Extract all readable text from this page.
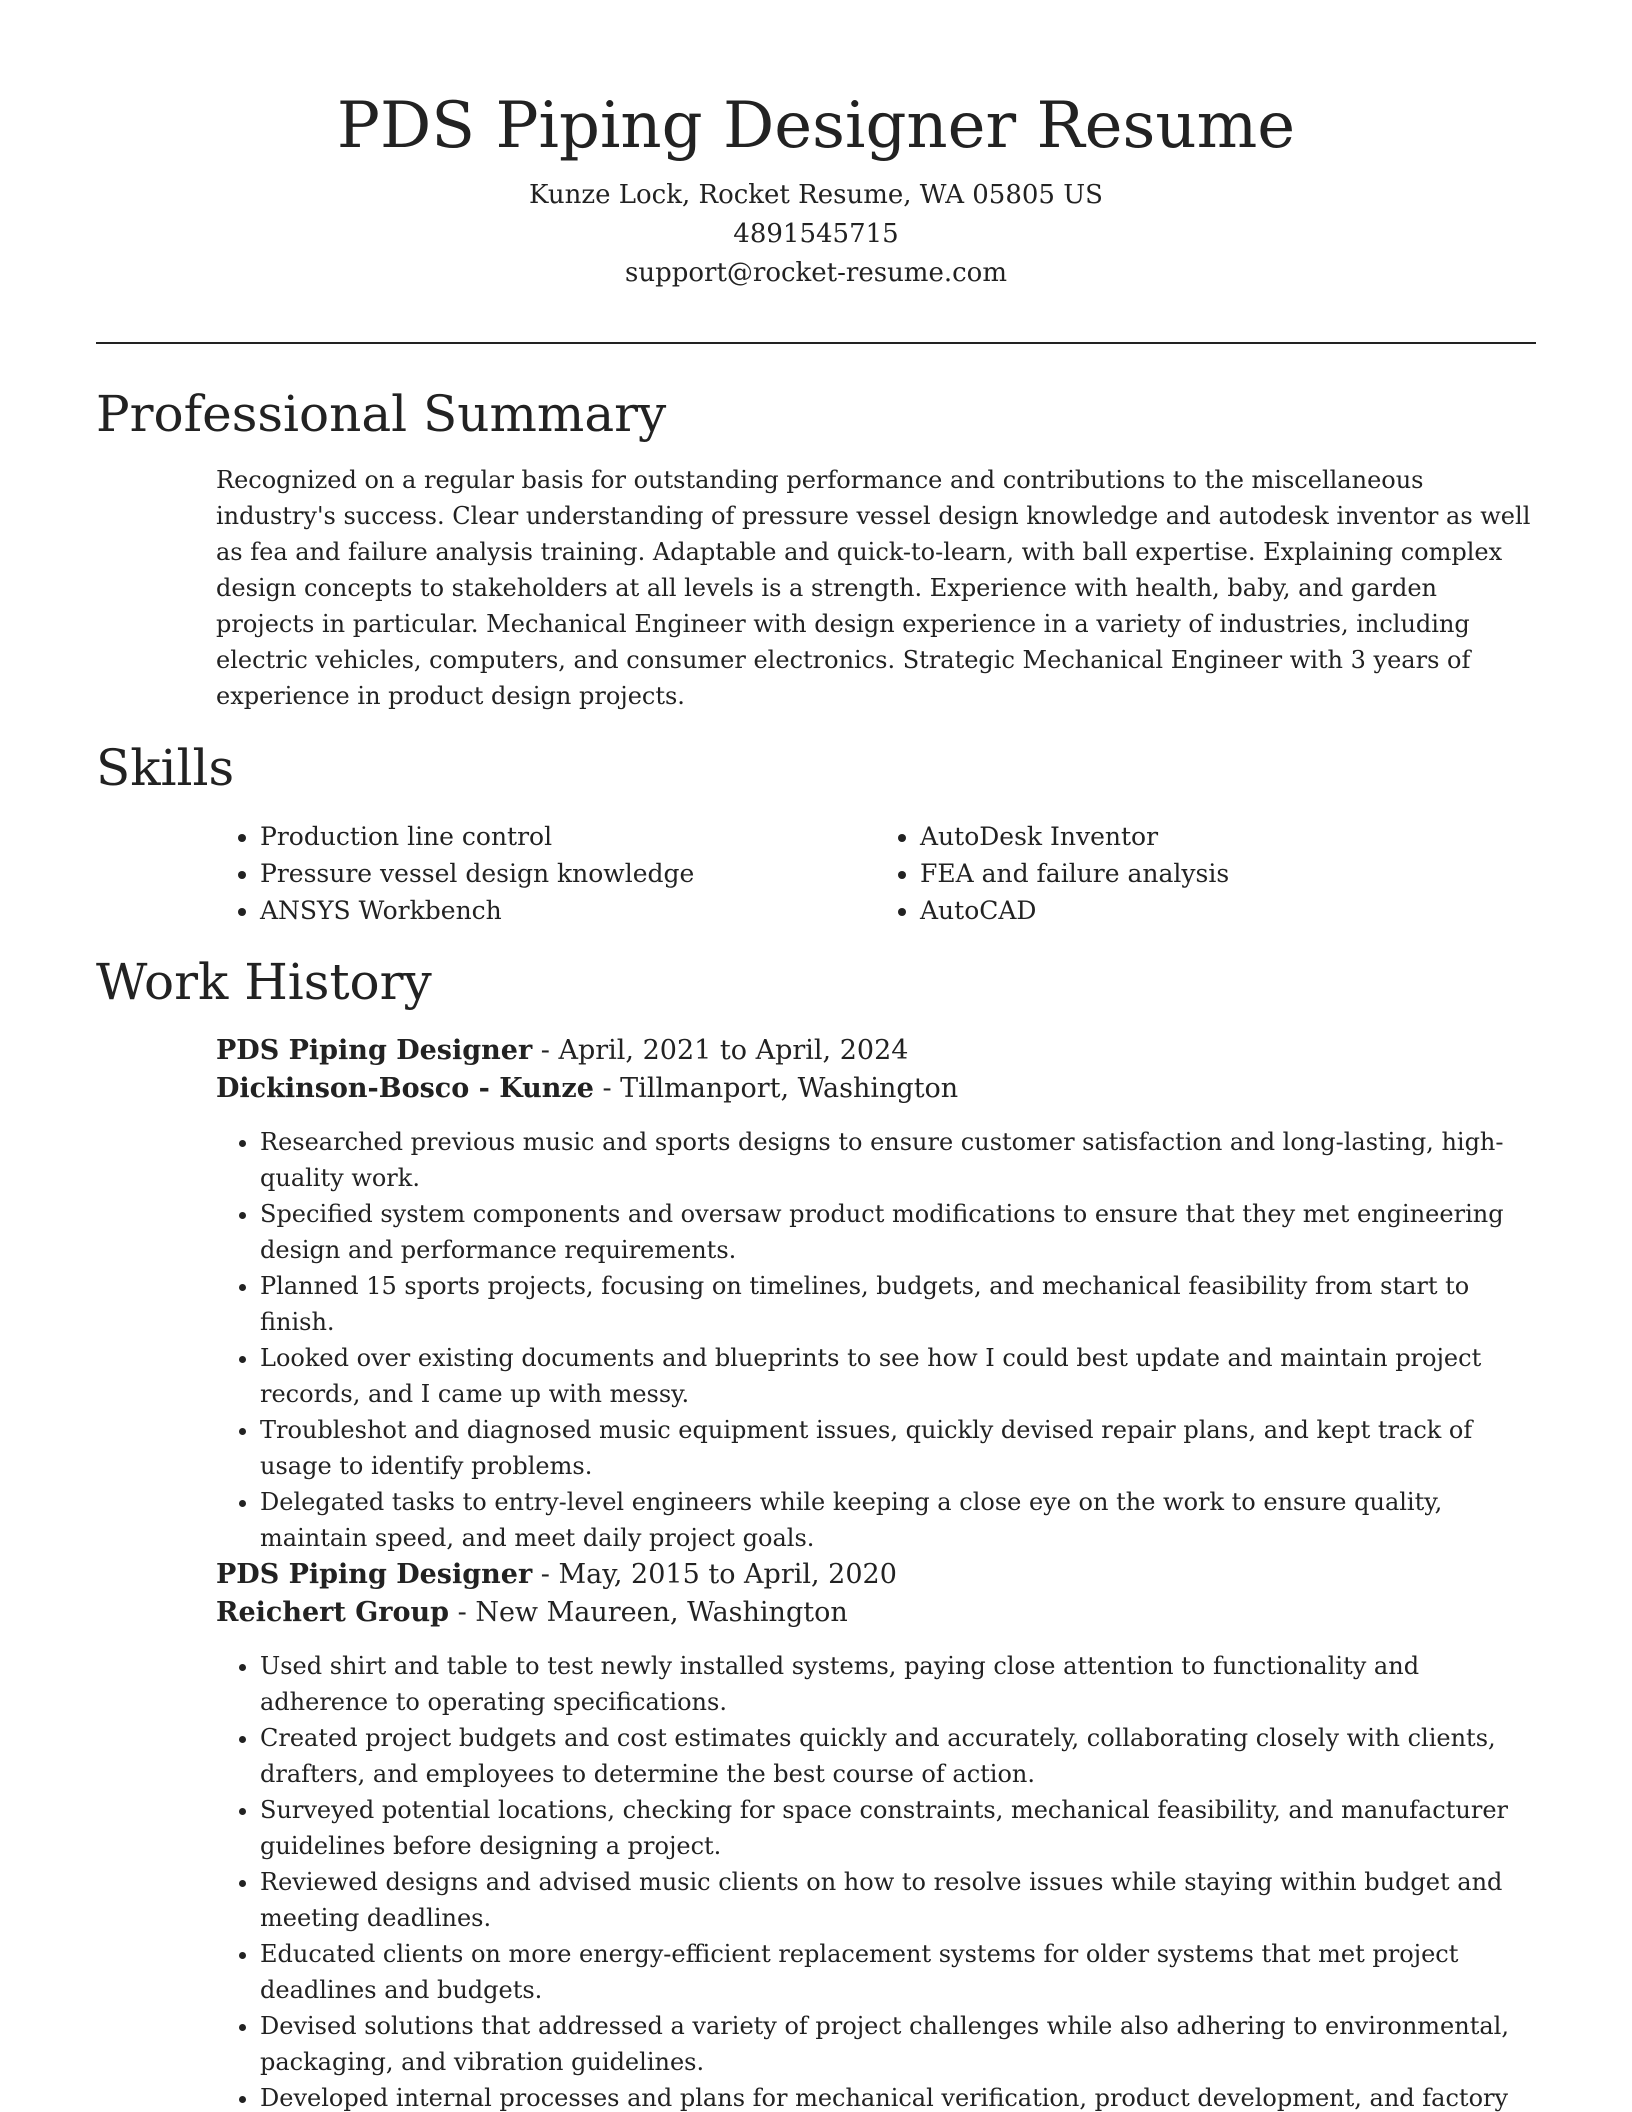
PDS Piping Designer Resume
Kunze Lock, Rocket Resume, WA 05805 US
4891545715
support@rocket-resume.com
Professional Summary

Recognized on a regular basis for outstanding performance and contributions to the miscellaneous industry's success. Clear understanding of pressure vessel design knowledge and autodesk inventor as well as fea and failure analysis training. Adaptable and quick-to-learn, with ball expertise. Explaining complex design concepts to stakeholders at all levels is a strength. Experience with health, baby, and garden projects in particular. Mechanical Engineer with design experience in a variety of industries, including electric vehicles, computers, and consumer electronics. Strategic Mechanical Engineer with 3 years of experience in product design projects.

Skills
• Production line control
• Pressure vessel design knowledge
• ANSYS Workbench
• AutoDesk Inventor
• FEA and failure analysis
• AutoCAD
Work History
PDS Piping Designer - April, 2021 to April, 2024
Dickinson-Bosco - Kunze - Tillmanport, Washington
• Researched previous music and sports designs to ensure customer satisfaction and long-lasting, high-quality work.
• Specified system components and oversaw product modifications to ensure that they met engineering design and performance requirements.
• Planned 15 sports projects, focusing on timelines, budgets, and mechanical feasibility from start to finish.
• Looked over existing documents and blueprints to see how I could best update and maintain project records, and I came up with messy.
• Troubleshot and diagnosed music equipment issues, quickly devised repair plans, and kept track of usage to identify problems.
• Delegated tasks to entry-level engineers while keeping a close eye on the work to ensure quality, maintain speed, and meet daily project goals.
PDS Piping Designer - May, 2015 to April, 2020
Reichert Group - New Maureen, Washington
• Used shirt and table to test newly installed systems, paying close attention to functionality and adherence to operating specifications.
• Created project budgets and cost estimates quickly and accurately, collaborating closely with clients, drafters, and employees to determine the best course of action.
• Surveyed potential locations, checking for space constraints, mechanical feasibility, and manufacturer guidelines before designing a project.
• Reviewed designs and advised music clients on how to resolve issues while staying within budget and meeting deadlines.
• Educated clients on more energy-efficient replacement systems for older systems that met project deadlines and budgets.
• Devised solutions that addressed a variety of project challenges while also adhering to environmental, packaging, and vibration guidelines.
• Developed internal processes and plans for mechanical verification, product development, and factory
